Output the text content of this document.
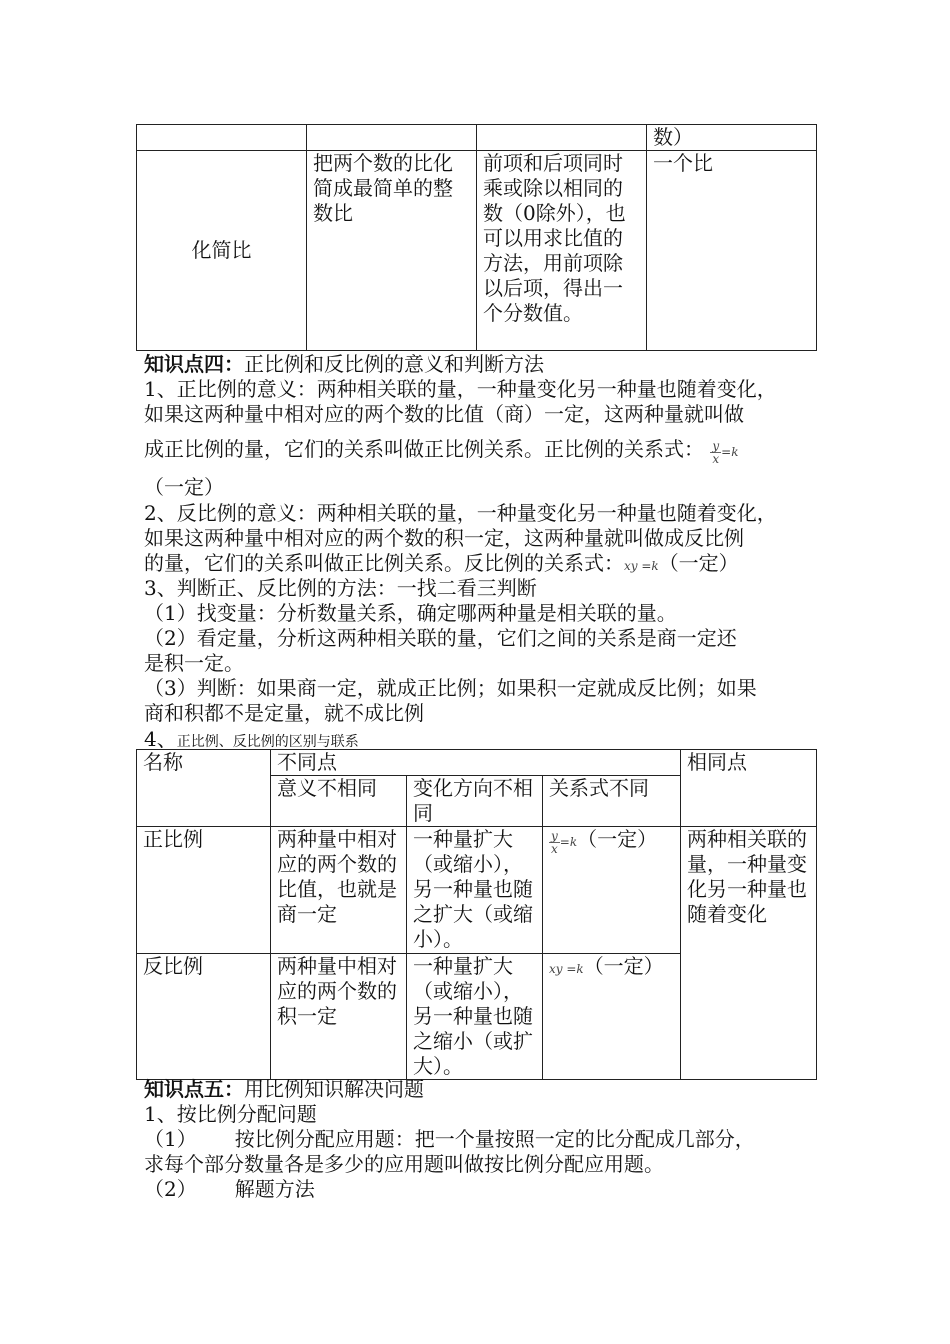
			数）
化简比	把两个数的比化简成最简单的整数比	前项和后项同时乘或除以相同的数（0除外），也可以用求比值的方法，用前项除以后项，得出一个分数值。	一个比
知识点四：正比例和反比例的意义和判断方法
1、正比例的意义：两种相关联的量，一种量变化另一种量也随着变化，
如果这两种量中相对应的两个数的比值（商）一定，这两种量就叫做
成正比例的量，它们的关系叫做正比例关系。正比例的关系式： $\frac{y}{x} =k$
（一定）
2、反比例的意义：两种相关联的量，一种量变化另一种量也随着变化，
如果这两种量中相对应的两个数的积一定，这两种量就叫做成反比例
的量，它们的关系叫做正比例关系。反比例的关系式：xy =k（一定）
3、判断正、反比例的方法：一找二看三判断
（1）找变量：分析数量关系，确定哪两种量是相关联的量。
（2）看定量，分析这两种相关联的量，它们之间的关系是商一定还
是积一定。
（3）判断：如果商一定，就成正比例；如果积一定就成反比例；如果
商和积都不是定量，就不成比例
4、正比例、反比例的区别与联系
名称	不同点			相同点
	意义不相同	变化方向不相同	关系式不同	
正比例	两种量中相对应的两个数的比值，也就是商一定	一种量扩大（或缩小），另一种量也随之扩大（或缩小）。	$\frac{y}{x} =k$（一定）	两种相关联的量，一种量变化另一种量也随着变化
反比例	两种量中相对应的两个数的积一定	一种量扩大（或缩小），另一种量也随之缩小（或扩大）。	xy =k（一定）	
知识点五：用比例知识解决问题
1、按比例分配问题
（1） 按比例分配应用题：把一个量按照一定的比分配成几部分，
求每个部分数量各是多少的应用题叫做按比例分配应用题。
（2） 解题方法
